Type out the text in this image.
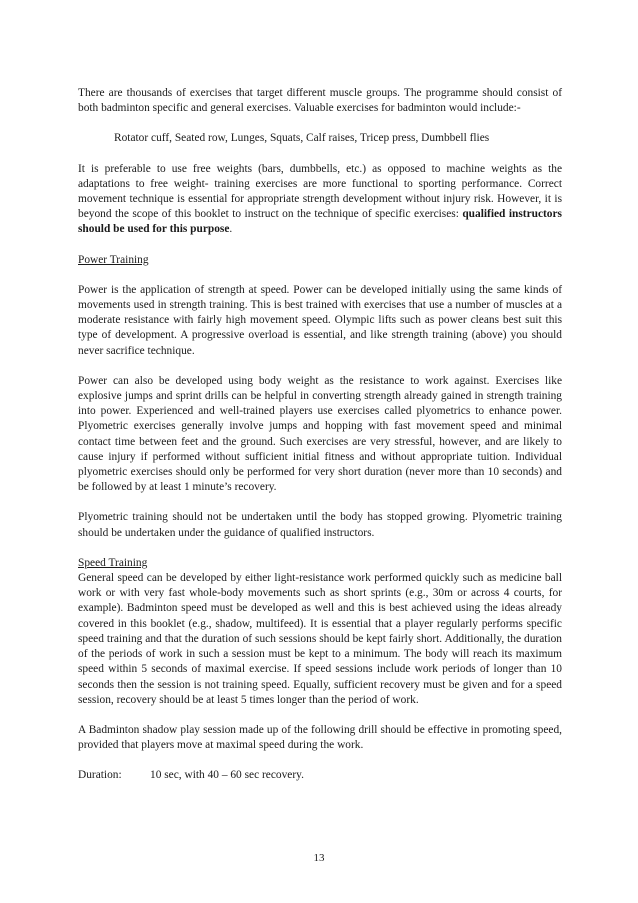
There are thousands of exercises that target different muscle groups. The programme should consist of both badminton specific and general exercises. Valuable exercises for badminton would include:-

Rotator cuff, Seated row, Lunges, Squats, Calf raises, Tricep press, Dumbbell flies

It is preferable to use free weights (bars, dumbbells, etc.) as opposed to machine weights as the adaptations to free weight- training exercises are more functional to sporting performance. Correct movement technique is essential for appropriate strength development without injury risk. However, it is beyond the scope of this booklet to instruct on the technique of specific exercises: qualified instructors should be used for this purpose.

Power Training

Power is the application of strength at speed. Power can be developed initially using the same kinds of movements used in strength training. This is best trained with exercises that use a number of muscles at a moderate resistance with fairly high movement speed. Olympic lifts such as power cleans best suit this type of development. A progressive overload is essential, and like strength training (above) you should never sacrifice technique.

Power can also be developed using body weight as the resistance to work against. Exercises like explosive jumps and sprint drills can be helpful in converting strength already gained in strength training into power. Experienced and well-trained players use exercises called plyometrics to enhance power. Plyometric exercises generally involve jumps and hopping with fast movement speed and minimal contact time between feet and the ground. Such exercises are very stressful, however, and are likely to cause injury if performed without sufficient initial fitness and without appropriate tuition. Individual plyometric exercises should only be performed for very short duration (never more than 10 seconds) and be followed by at least 1 minute’s recovery.

Plyometric training should not be undertaken until the body has stopped growing. Plyometric training should be undertaken under the guidance of qualified instructors.

Speed Training

General speed can be developed by either light-resistance work performed quickly such as medicine ball work or with very fast whole-body movements such as short sprints (e.g., 30m or across 4 courts, for example). Badminton speed must be developed as well and this is best achieved using the ideas already covered in this booklet (e.g., shadow, multifeed). It is essential that a player regularly performs specific speed training and that the duration of such sessions should be kept fairly short. Additionally, the duration of the periods of work in such a session must be kept to a minimum. The body will reach its maximum speed within 5 seconds of maximal exercise. If speed sessions include work periods of longer than 10 seconds then the session is not training speed. Equally, sufficient recovery must be given and for a speed session, recovery should be at least 5 times longer than the period of work.

A Badminton shadow play session made up of the following drill should be effective in promoting speed, provided that players move at maximal speed during the work.

Duration:	10 sec, with 40 – 60 sec recovery.
13
